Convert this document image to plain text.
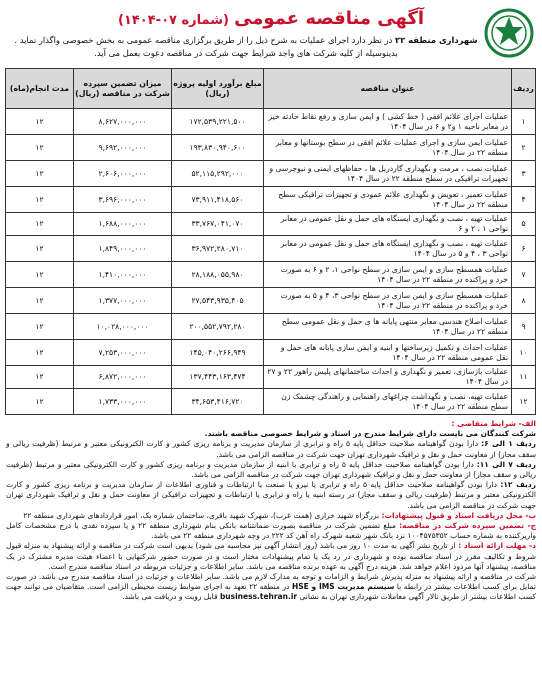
آگهی مناقصه عمومی (شماره ۰۷-۱۴۰۴)
شهرداری منطقه ۲۲ در نظر دارد اجرای عملیات به شرح ذیل را از طریق برگزاری مناقصه عمومی به بخش خصوصی واگذار نماید . بدینوسیله از کلیه شرکت های واجد شرایط جهت شرکت در مناقصه دعوت بعمل می آید.
ردیف	عنوان مناقصه	مبلغ برآورد اولیه پروژه (ریال)	میزان تضمین سپرده شرکت در مناقصه (ریال)	مدت انجام(ماه)
۱	عملیات اجرای علائم افقی ( خط کشی ) و ایمن سازی و رفع نقاط حادثه خیز در معابر ناحیه ۱ و۲ و ۶ در سال ۱۴۰۴	۱۷۲,۵۳۹,۲۲۱,۵۰۰	۸,۶۲۷,۰۰۰,۰۰۰	۱۲
۲	عملیات ایمن سازی و اجرای عملیات علائم افقی در سطح بوستانها و معابر منطقه ۲۲ در سال ۱۴۰۴	۱۹۳,۸۳۰,۹۴۰,۶۰۰	۹,۶۹۲,۰۰۰,۰۰۰	۱۲
۳	عملیات نصب ، مرمت و نگهداری گاردریل ها ، حفاظهای ایمنی و نیوجرسی و تجهیزات ترافیکی در سطح منطقه ۲۲ در سال ۱۴۰۴	۵۲,۱۱۵,۲۹۲,۰۰۰	۲,۶۰۶,۰۰۰,۰۰۰	۱۲
۴	عملیات تعمیر ، تعویض و نگهداری علائم عمودی و تجهیزات ترافیکی سطح منطقه ۲۲ در سال ۱۴۰۴	۷۳,۹۱۱,۴۱۸,۵۶۰	۳,۶۹۶,۰۰۰,۰۰۰	۱۲
۵	عملیات تهیه ، نصب و نگهداری ایستگاه های حمل و نقل عمومی در معابر نواحی ۱ ، ۲ و ۶	۳۳,۷۶۷,۰۴۱,۰۷۰	۱,۶۸۸,۰۰۰,۰۰۰	۱۲
۶	عملیات تهیه ، نصب و نگهداری ایستگاه های حمل و نقل عمومی در معابر نواحی ۳ ، ۴ و ۵ در سال ۱۴۰۴	۳۶,۹۷۲,۲۸۰,۷۱۰	۱,۸۴۹,۰۰۰,۰۰۰	۱۲
۷	عملیات همسطح سازی و ایمن سازی در سطح نواحی ۱، ۲ و ۶ به صورت خرد و پراکنده در منطقه ۲۲ در سال ۱۴۰۴	۲۸,۱۸۸,۰۵۵,۹۸۰	۱,۴۱۰,۰۰۰,۰۰۰	۱۲
۸	عملیات همسطح سازی و ایمن سازی در سطح نواحی ۳، ۴ و ۵ به صورت خرد و پراکنده در منطقه ۲۲ در سال ۱۴۰۴	۲۷,۵۴۳,۹۳۵,۴۰۵	۱,۳۷۷,۰۰۰,۰۰۰	۱۲
۹	عملیات اصلاح هندسی معابر منتهی پایانه ها ی حمل و نقل عمومی سطح منطقه ۲۲ در سال ۱۴۰۴	۲۰۰,۵۵۲,۷۹۲,۲۸۰	۱۰,۰۲۸,۰۰۰,۰۰۰	۱۲
۱۰	عملیات احداث و تکمیل زیرساختها و ابنیه و ایمن سازی پایانه های حمل و نقل عمومی منطقه ۲۲ در سال ۱۴۰۴	۱۴۵,۰۴۰,۲۶۶,۹۴۹	۷,۲۵۳,۰۰۰,۰۰۰	۱۲
۱۱	عملیات بازسازی، تعمیر و نگهداری و احداث ساختمانهای پلیس راهور ۲۲ و ۲۷ در سال ۱۴۰۴	۱۳۷,۴۴۳,۱۶۳,۴۷۴	۶,۸۷۲,۰۰۰,۰۰۰	۱۲
۱۲	عملیات تهیه، نصب و نگهداشت چراغهای راهنمایی و راهندگی چشمک زن سطح منطقه ۲۲ در سال ۱۴۰۴	۳۴,۶۵۳,۴۱۶,۷۲۰	۱,۷۳۳,۰۰۰,۰۰۰	۱۲
الف- شرایط متقاضی :
شرکت کنندگان می بایست دارای شرایط مندرج در اسناد و شرایط خصوصی مناقصه باشند.
ردیف ۱ الی ۶: دارا بودن گواهینامه صلاحیت حداقل پایه ۵ راه و ترابری از سازمان مدیریت و برنامه ریزی کشور و کارت الکترونیکی معتبر و مرتبط (ظرفیت ریالی و سقف مجاز) از معاونت حمل و نقل و ترافیک شهرداری تهران جهت شرکت در مناقصه الزامی می باشد.
ردیف ۷ الی ۱۱: دارا بودن گواهینامه صلاحیت حداقل پایه ۵ راه و ترابری یا ابنیه از سازمان مدیریت و برنامه ریزی کشور و کارت الکترونیکی معتبر و مرتبط (ظرفیت ریالی و سقف مجاز) از معاونت حمل و نقل و ترافیک شهرداری تهران جهت شرکت در مناقصه الزامی می باشد.
ردیف ۱۲: دارا بودن گواهینامه صلاحیت حداقل پایه ۵ راه و ترابری یا نیرو یا صنعت یا ارتباطات و فناوری اطلاعات از سازمان مدیریت و برنامه ریزی کشور و کارت الکترونیکی معتبر و مرتبط (ظرفیت ریالی و سقف مجاز) در رسته ابنیه یا راه و ترابری یا ارتباطات و تجهیزات ترافیکی از معاونت حمل و نقل و ترافیک شهرداری تهران جهت شرکت در مناقصه الزامی می باشد.
ب- محل دریافت اسناد و قبول پیشنهادات: بزرگراه شهید خرازی (همت غرب)، شهرک شهید باقری، ساختمان شماره یک، امور قراردادهای شهرداری منطقه ۲۲
ج- تضمین سپرده شرکت در مناقصه: مبلغ تضمین شرکت در مناقصه بصورت ضمانتنامه بانکی بنام شهرداری منطقه ۲۲ و یا سپرده نقدی با درج مشخصات کامل واریزکننده به شماره حساب ۱۰۰۴۵۷۵۳۵۲ نزد بانک شهر شعبه شهرک راه آهن کد ۲۲۲ در وجه شهرداری منطقه ۲۲ می باشد.
د- مهلت ارائه اسناد : از تاریخ نشر آگهی به مدت ۱۰ روز می باشد (روز انتشار آگهی نیز محاسبه می شود) بدیهی است شرکت در مناقصه و ارائه پیشنهاد به منزله قبول شروط و تکالیف مقرر در اسناد مناقصه بوده و شهرداری در رد یک یا تمام پیشنهادات مختار است و در صورت حضور شرکتهایی با اعضاء هیئت مدیره مشترک در یک مناقصه، پیشنهاد آنها مردود اعلام خواهد شد. هزینه درج آگهی به عهده برنده مناقصه می باشد. سایر اطلاعات و جزئیات مربوطه در اسناد مناقصه مندرج است.
شرکت در مناقصه و ارائه پیشنهاد به منزله پذیرش شرایط و الزامات و توجه به مدارک لازم می باشد. سایر اطلاعات و جزئیات در اسناد مناقصه مندرج می باشد. در صورت تمایل برای کسب اطلاعات بیشتر در رابطه با سیستم مدیریت IMS و HSE در منطقه ۲۲ تعهد به اجرای ضوابط زیست محیطی الزامی است. متقاضیان می توانند جهت کسب اطلاعات بیشتر از طریق تالار آگهی معاملات شهرداری تهران به نشانی business.tehran.ir قابل رویت و دریافت می باشد.
